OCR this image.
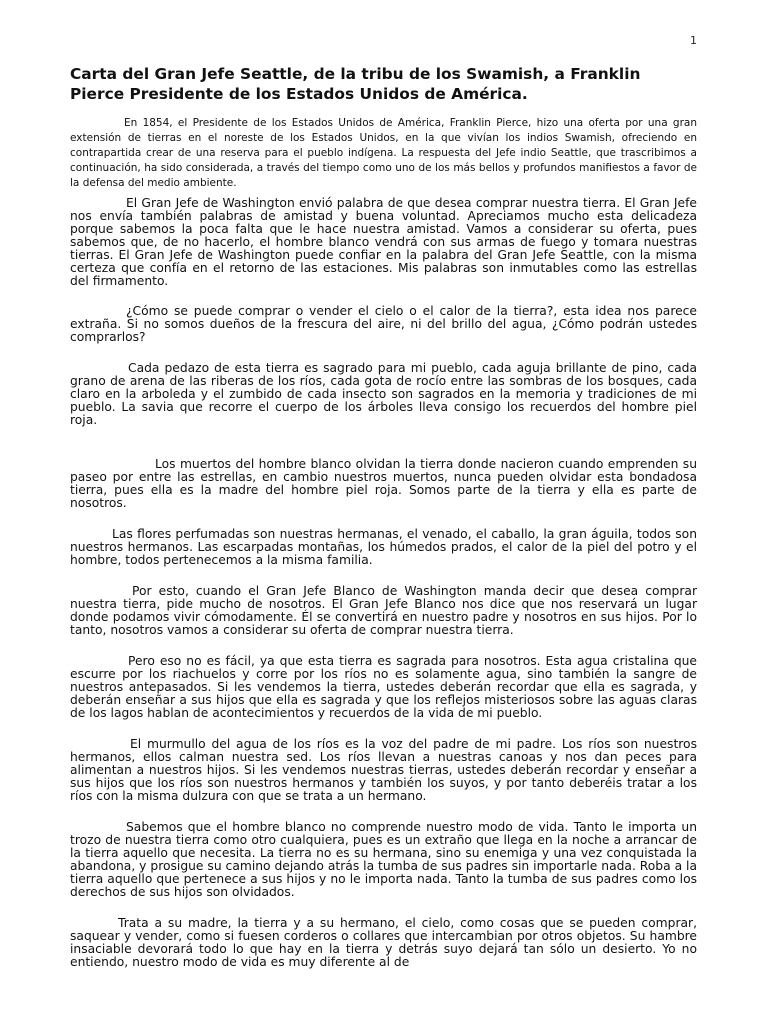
1
Carta del Gran Jefe Seattle, de la tribu de los Swamish, a Franklin Pierce Presidente de los Estados Unidos de América.

En 1854, el Presidente de los Estados Unidos de América, Franklin Pierce, hizo una oferta por una gran extensión de tierras en el noreste de los Estados Unidos, en la que vivían los indios Swamish, ofreciendo en contrapartida crear de una reserva para el pueblo indígena. La respuesta del Jefe indio Seattle, que trascribimos a continuación, ha sido considerada, a través del tiempo como uno de los más bellos y profundos manifiestos a favor de la defensa del medio ambiente.

El Gran Jefe de Washington envió palabra de que desea comprar nuestra tierra. El Gran Jefe nos envía también palabras de amistad y buena voluntad. Apreciamos mucho esta delicadeza porque sabemos la poca falta que le hace nuestra amistad. Vamos a considerar su oferta, pues sabemos que, de no hacerlo, el hombre blanco vendrá con sus armas de fuego y tomara nuestras tierras. El Gran Jefe de Washington puede confiar en la palabra del Gran Jefe Seattle, con la misma certeza que confía en el retorno de las estaciones. Mis palabras son inmutables como las estrellas del firmamento.

¿Cómo se puede comprar o vender el cielo o el calor de la tierra?, esta idea nos parece extraña. Si no somos dueños de la frescura del aire, ni del brillo del agua, ¿Cómo podrán ustedes comprarlos?

Cada pedazo de esta tierra es sagrado para mi pueblo, cada aguja brillante de pino, cada grano de arena de las riberas de los ríos, cada gota de rocío entre las sombras de los bosques, cada claro en la arboleda y el zumbido de cada insecto son sagrados en la memoria y tradiciones de mi pueblo. La savia que recorre el cuerpo de los árboles lleva consigo los recuerdos del hombre piel roja.

Los muertos del hombre blanco olvidan la tierra donde nacieron cuando emprenden su paseo por entre las estrellas, en cambio nuestros muertos, nunca pueden olvidar esta bondadosa tierra, pues ella es la madre del hombre piel roja. Somos parte de la tierra y ella es parte de nosotros.

Las flores perfumadas son nuestras hermanas, el venado, el caballo, la gran águila, todos son nuestros hermanos. Las escarpadas montañas, los húmedos prados, el calor de la piel del potro y el hombre, todos pertenecemos a la misma familia.

Por esto, cuando el Gran Jefe Blanco de Washington manda decir que desea comprar nuestra tierra, pide mucho de nosotros. El Gran Jefe Blanco nos dice que nos reservará un lugar donde podamos vivir cómodamente. Él se convertirá en nuestro padre y nosotros en sus hijos. Por lo tanto, nosotros vamos a considerar su oferta de comprar nuestra tierra.

Pero eso no es fácil, ya que esta tierra es sagrada para nosotros. Esta agua cristalina que escurre por los riachuelos y corre por los ríos no es solamente agua, sino también la sangre de nuestros antepasados. Si les vendemos la tierra, ustedes deberán recordar que ella es sagrada, y deberán enseñar a sus hijos que ella es sagrada y que los reflejos misteriosos sobre las aguas claras de los lagos hablan de acontecimientos y recuerdos de la vida de mi pueblo.

El murmullo del agua de los ríos es la voz del padre de mi padre. Los ríos son nuestros hermanos, ellos calman nuestra sed. Los ríos llevan a nuestras canoas y nos dan peces para alimentan a nuestros hijos. Si les vendemos nuestras tierras, ustedes deberán recordar y enseñar a sus hijos que los ríos son nuestros hermanos y también los suyos, y por tanto deberéis tratar a los ríos con la misma dulzura con que se trata a un hermano.

Sabemos que el hombre blanco no comprende nuestro modo de vida. Tanto le importa un trozo de nuestra tierra como otro cualquiera, pues es un extraño que llega en la noche a arrancar de la tierra aquello que necesita. La tierra no es su hermana, sino su enemiga y una vez conquistada la abandona, y prosigue su camino dejando atrás la tumba de sus padres sin importarle nada. Roba a la tierra aquello que pertenece a sus hijos y no le importa nada. Tanto la tumba de sus padres como los derechos de sus hijos son olvidados.

Trata a su madre, la tierra y a su hermano, el cielo, como cosas que se pueden comprar, saquear y vender, como si fuesen corderos o collares que intercambian por otros objetos. Su hambre insaciable devorará todo lo que hay en la tierra y detrás suyo dejará tan sólo un desierto. Yo no entiendo, nuestro modo de vida es muy diferente al de
